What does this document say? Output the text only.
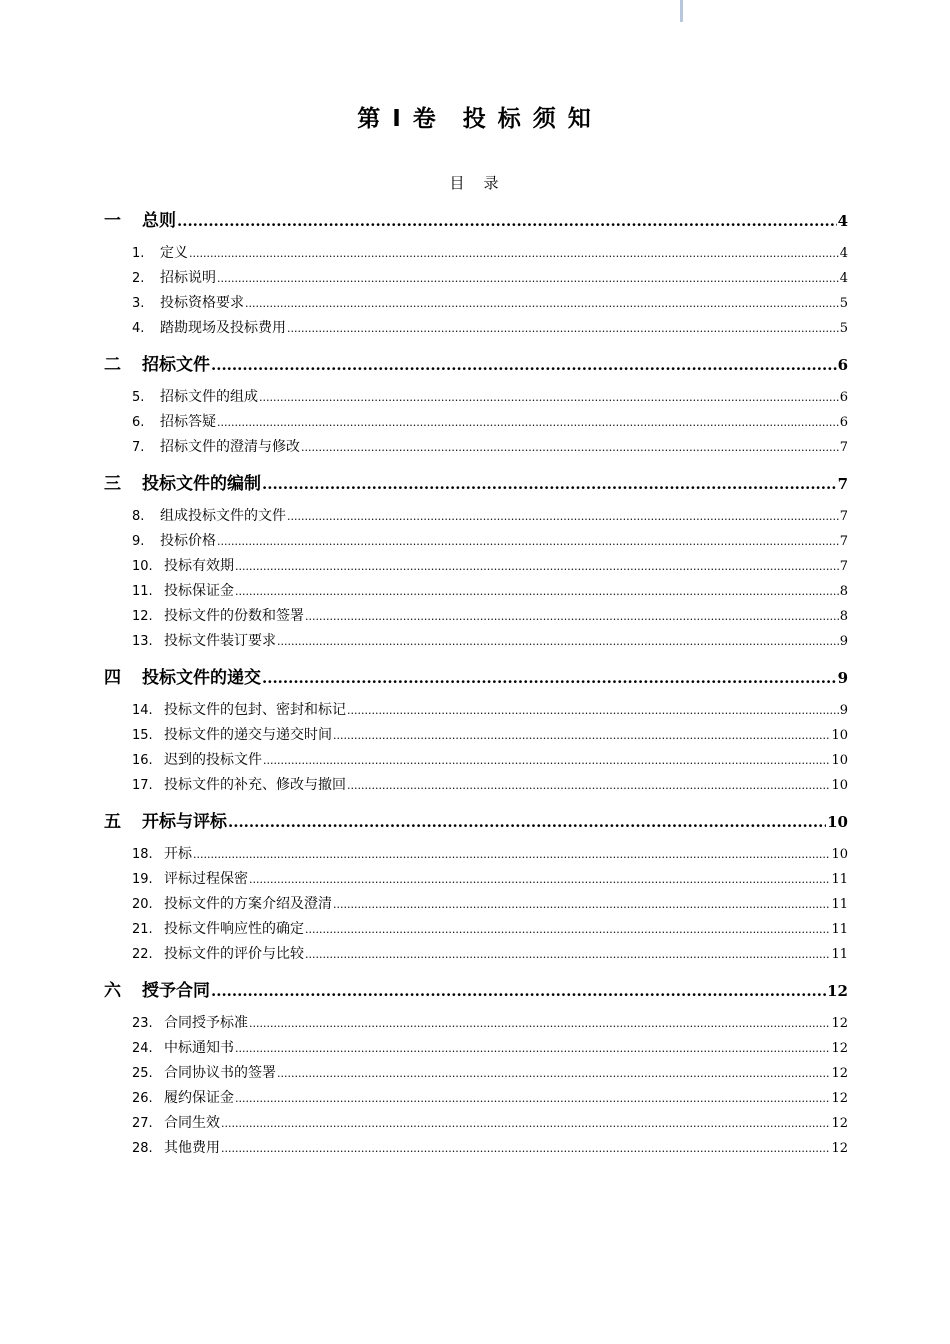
第 I 卷　投 标 须 知
目　录
一	总则 .....	4
1.	定义 .....	4
2.	招标说明 .....	4
3.	投标资格要求 .....	5
4.	踏勘现场及投标费用 .....	5
二	招标文件 .....	6
5.	招标文件的组成 .....	6
6.	招标答疑 .....	6
7.	招标文件的澄清与修改 .....	7
三	投标文件的编制 .....	7
8.	组成投标文件的文件 .....	7
9.	投标价格 .....	7
10. 投标有效期 .....	7
11. 投标保证金 .....	8
12. 投标文件的份数和签署 .....	8
13. 投标文件装订要求 .....	9
四	投标文件的递交 .....	9
14. 投标文件的包封、密封和标记 .....	9
15. 投标文件的递交与递交时间 .....	10
16. 迟到的投标文件 .....	10
17. 投标文件的补充、修改与撤回 .....	10
五	开标与评标 .....	10
18. 开标 .....	10
19. 评标过程保密 .....	11
20. 投标文件的方案介绍及澄清 .....	11
21. 投标文件响应性的确定 .....	11
22. 投标文件的评价与比较 .....	11
六	授予合同 .....	12
23. 合同授予标准 .....	12
24. 中标通知书 .....	12
25. 合同协议书的签署 .....	12
26. 履约保证金 .....	12
27. 合同生效 .....	12
28. 其他费用 .....	12
